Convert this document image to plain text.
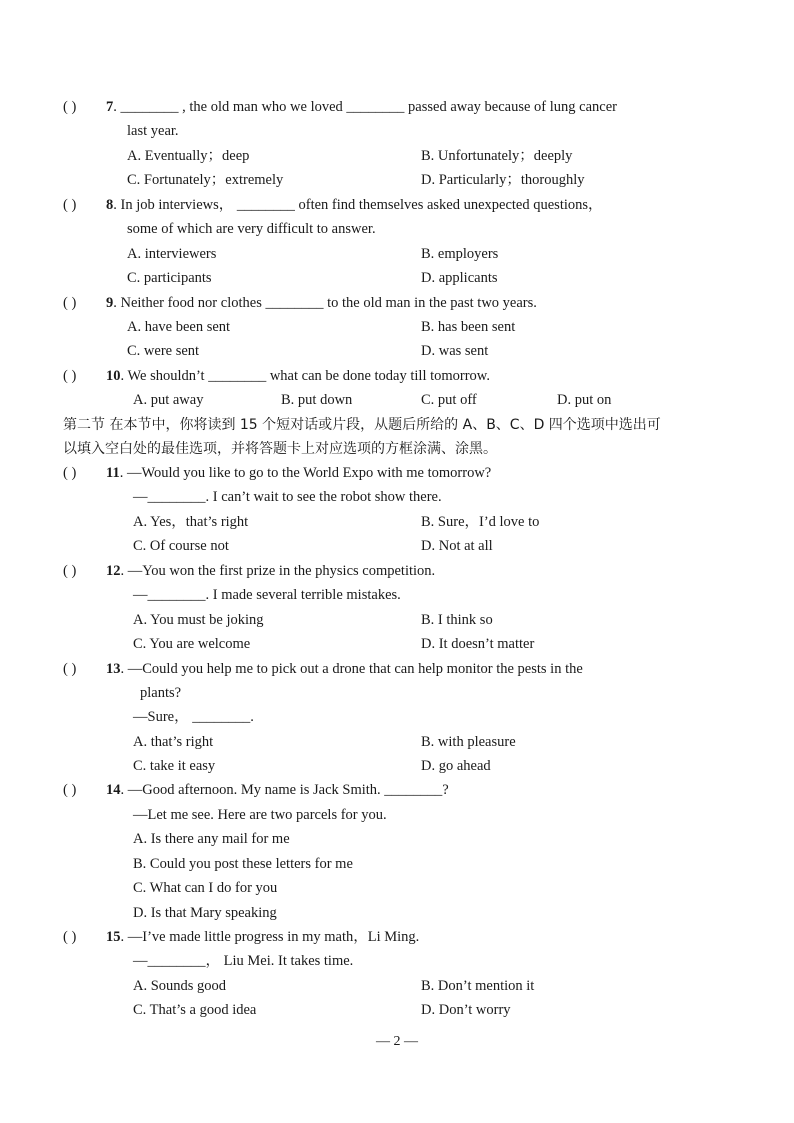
( ) 7. ________ , the old man who we loved ________ passed away because of lung cancer
last year.
A. Eventually；deep	B. Unfortunately；deeply
C. Fortunately；extremely	D. Particularly；thoroughly
( ) 8. In job interviews， ________ often find themselves asked unexpected questions，
some of which are very difficult to answer.
A. interviewers	B. employers
C. participants	D. applicants
( ) 9. Neither food nor clothes ________ to the old man in the past two years.
A. have been sent	B. has been sent
C. were sent	D. was sent
( ) 10. We shouldn’t ________ what can be done today till tomorrow.
A. put away	B. put down	C. put off	D. put on
第二节 在本节中，你将读到 15 个短对话或片段，从题后所给的 A、B、C、D 四个选项中选出可
以填入空白处的最佳选项，并将答题卡上对应选项的方框涂满、涂黑。
( ) 11. —Would you like to go to the World Expo with me tomorrow?
—________. I can’t wait to see the robot show there.
A. Yes，that’s right	B. Sure，I’d love to
C. Of course not	D. Not at all
( ) 12. —You won the first prize in the physics competition.
—________. I made several terrible mistakes.
A. You must be joking	B. I think so
C. You are welcome	D. It doesn’t matter
( ) 13. —Could you help me to pick out a drone that can help monitor the pests in the
plants?
—Sure， ________.
A. that’s right	B. with pleasure
C. take it easy	D. go ahead
( ) 14. —Good afternoon. My name is Jack Smith. ________?
—Let me see. Here are two parcels for you.
A. Is there any mail for me
B. Could you post these letters for me
C. What can I do for you
D. Is that Mary speaking
( ) 15. —I’ve made little progress in my math，Li Ming.
—________， Liu Mei. It takes time.
A. Sounds good	B. Don’t mention it
C. That’s a good idea	D. Don’t worry
— 2 —
